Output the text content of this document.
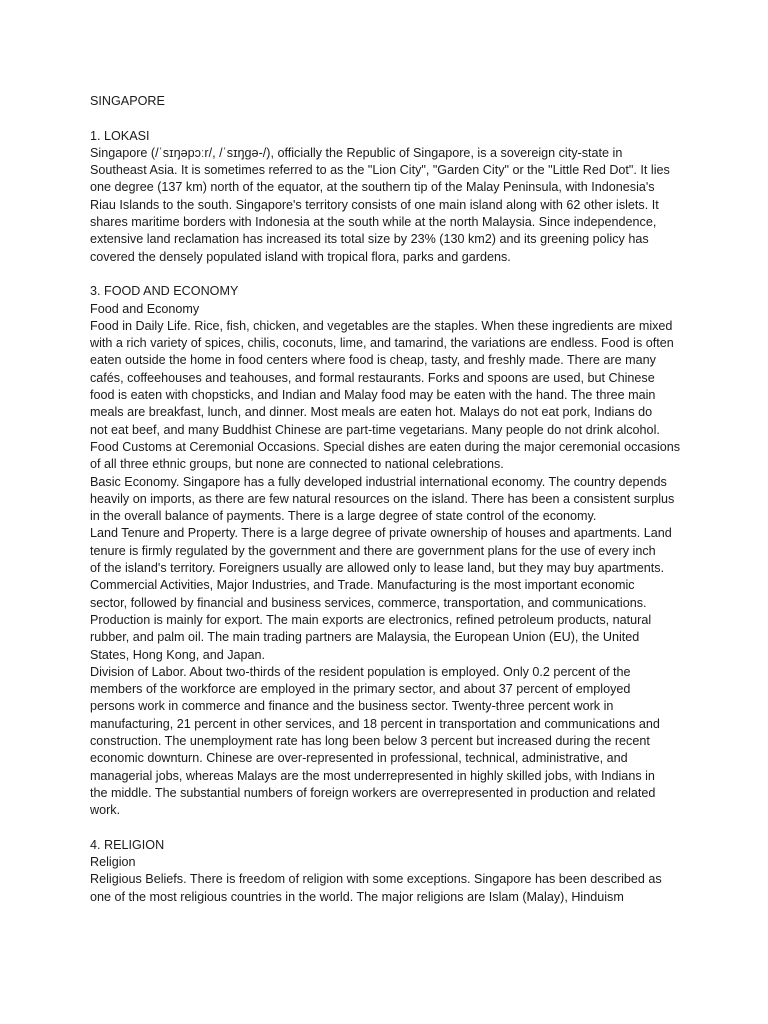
SINGAPORE
1. LOKASI
Singapore (/ˈsɪŋəpɔːr/, /ˈsɪŋɡə-/), officially the Republic of Singapore, is a sovereign city-state in
Southeast Asia. It is sometimes referred to as the "Lion City", "Garden City" or the "Little Red Dot". It lies
one degree (137 km) north of the equator, at the southern tip of the Malay Peninsula, with Indonesia's
Riau Islands to the south. Singapore's territory consists of one main island along with 62 other islets. It
shares maritime borders with Indonesia at the south while at the north Malaysia. Since independence,
extensive land reclamation has increased its total size by 23% (130 km2) and its greening policy has
covered the densely populated island with tropical flora, parks and gardens.
3. FOOD AND ECONOMY
Food and Economy
Food in Daily Life. Rice, fish, chicken, and vegetables are the staples. When these ingredients are mixed
with a rich variety of spices, chilis, coconuts, lime, and tamarind, the variations are endless. Food is often
eaten outside the home in food centers where food is cheap, tasty, and freshly made. There are many
cafés, coffeehouses and teahouses, and formal restaurants. Forks and spoons are used, but Chinese
food is eaten with chopsticks, and Indian and Malay food may be eaten with the hand. The three main
meals are breakfast, lunch, and dinner. Most meals are eaten hot. Malays do not eat pork, Indians do
not eat beef, and many Buddhist Chinese are part-time vegetarians. Many people do not drink alcohol.
Food Customs at Ceremonial Occasions. Special dishes are eaten during the major ceremonial occasions
of all three ethnic groups, but none are connected to national celebrations.
Basic Economy. Singapore has a fully developed industrial international economy. The country depends
heavily on imports, as there are few natural resources on the island. There has been a consistent surplus
in the overall balance of payments. There is a large degree of state control of the economy.
Land Tenure and Property. There is a large degree of private ownership of houses and apartments. Land
tenure is firmly regulated by the government and there are government plans for the use of every inch
of the island's territory. Foreigners usually are allowed only to lease land, but they may buy apartments.
Commercial Activities, Major Industries, and Trade. Manufacturing is the most important economic
sector, followed by financial and business services, commerce, transportation, and communications.
Production is mainly for export. The main exports are electronics, refined petroleum products, natural
rubber, and palm oil. The main trading partners are Malaysia, the European Union (EU), the United
States, Hong Kong, and Japan.
Division of Labor. About two-thirds of the resident population is employed. Only 0.2 percent of the
members of the workforce are employed in the primary sector, and about 37 percent of employed
persons work in commerce and finance and the business sector. Twenty-three percent work in
manufacturing, 21 percent in other services, and 18 percent in transportation and communications and
construction. The unemployment rate has long been below 3 percent but increased during the recent
economic downturn. Chinese are over-represented in professional, technical, administrative, and
managerial jobs, whereas Malays are the most underrepresented in highly skilled jobs, with Indians in
the middle. The substantial numbers of foreign workers are overrepresented in production and related
work.
4. RELIGION
Religion
Religious Beliefs. There is freedom of religion with some exceptions. Singapore has been described as
one of the most religious countries in the world. The major religions are Islam (Malay), Hinduism
